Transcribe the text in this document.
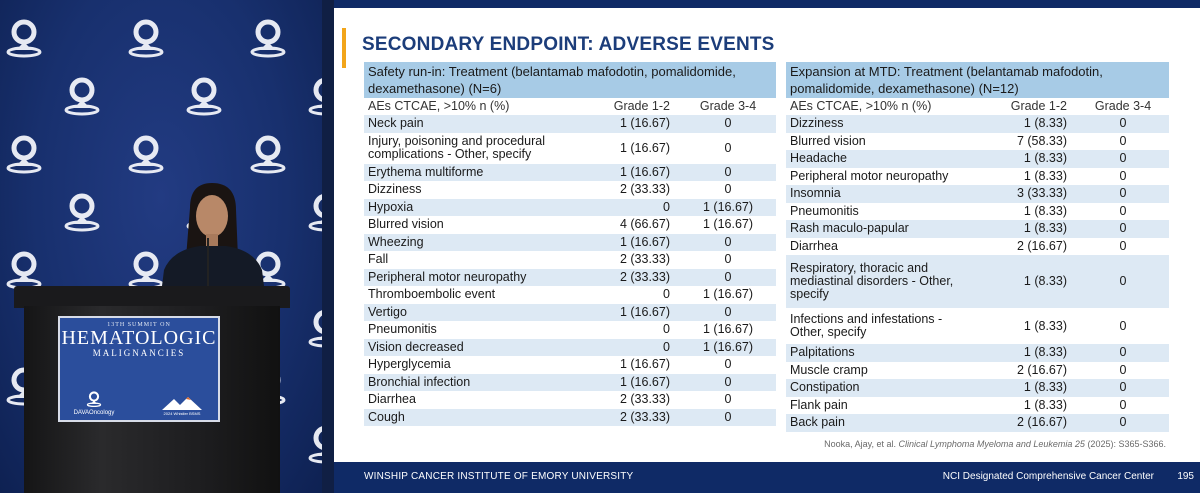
13TH SUMMIT ON
HEMATOLOGIC
MALIGNANCIES
DAVAOncology	2024 Whistler BSMS
SECONDARY ENDPOINT: ADVERSE EVENTS
Safety run-in: Treatment (belantamab mafodotin, pomalidomide, dexamethasone) (N=6)		
AEs CTCAE, >10% n (%)	Grade 1-2	Grade 3-4
Neck pain	1 (16.67)	0
Injury, poisoning and procedural complications - Other, specify	1 (16.67)	0
Erythema multiforme	1 (16.67)	0
Dizziness	2 (33.33)	0
Hypoxia	0	1 (16.67)
Blurred vision	4 (66.67)	1 (16.67)
Wheezing	1 (16.67)	0
Fall	2 (33.33)	0
Peripheral motor neuropathy	2 (33.33)	0
Thromboembolic event	0	1 (16.67)
Vertigo	1 (16.67)	0
Pneumonitis	0	1 (16.67)
Vision decreased	0	1 (16.67)
Hyperglycemia	1 (16.67)	0
Bronchial infection	1 (16.67)	0
Diarrhea	2 (33.33)	0
Cough	2 (33.33)	0
Expansion at MTD: Treatment (belantamab mafodotin, pomalidomide, dexamethasone) (N=12)		
AEs CTCAE, >10% n (%)	Grade 1-2	Grade 3-4
Dizziness	1 (8.33)	0
Blurred vision	7 (58.33)	0
Headache	1 (8.33)	0
Peripheral motor neuropathy	1 (8.33)	0
Insomnia	3 (33.33)	0
Pneumonitis	1 (8.33)	0
Rash maculo-papular	1 (8.33)	0
Diarrhea	2 (16.67)	0
Respiratory, thoracic and mediastinal disorders - Other, specify	1 (8.33)	0
Infections and infestations - Other, specify	1 (8.33)	0
Palpitations	1 (8.33)	0
Muscle cramp	2 (16.67)	0
Constipation	1 (8.33)	0
Flank pain	1 (8.33)	0
Back pain	2 (16.67)	0
Nooka, Ajay, et al. Clinical Lymphoma Myeloma and Leukemia 25 (2025): S365-S366.
WINSHIP CANCER INSTITUTE OF EMORY UNIVERSITY	NCI Designated Comprehensive Cancer Center 195
